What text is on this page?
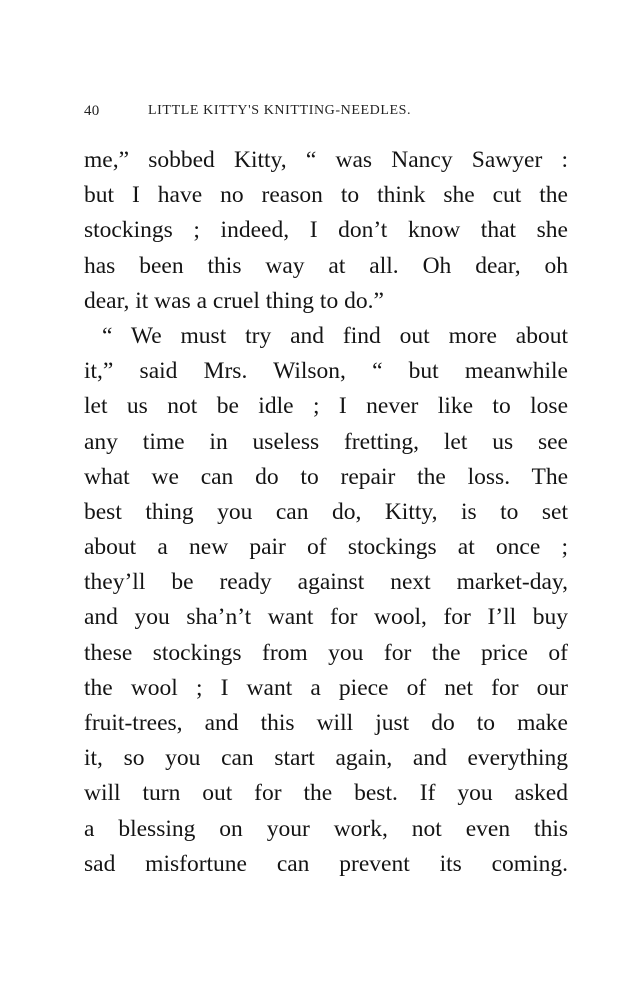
40	LITTLE KITTY'S KNITTING-NEEDLES.
me,” sobbed Kitty, “ was Nancy Sawyer :
but I have no reason to think she cut the
stockings ; indeed, I don’t know that she
has been this way at all. Oh dear, oh
dear, it was a cruel thing to do.”
“ We must try and find out more about
it,” said Mrs. Wilson, “ but meanwhile
let us not be idle ; I never like to lose
any time in useless fretting, let us see
what we can do to repair the loss. The
best thing you can do, Kitty, is to set
about a new pair of stockings at once ;
they’ll be ready against next market-day,
and you sha’n’t want for wool, for I’ll buy
these stockings from you for the price of
the wool ; I want a piece of net for our
fruit-trees, and this will just do to make
it, so you can start again, and everything
will turn out for the best. If you asked
a blessing on your work, not even this
sad misfortune can prevent its coming.
